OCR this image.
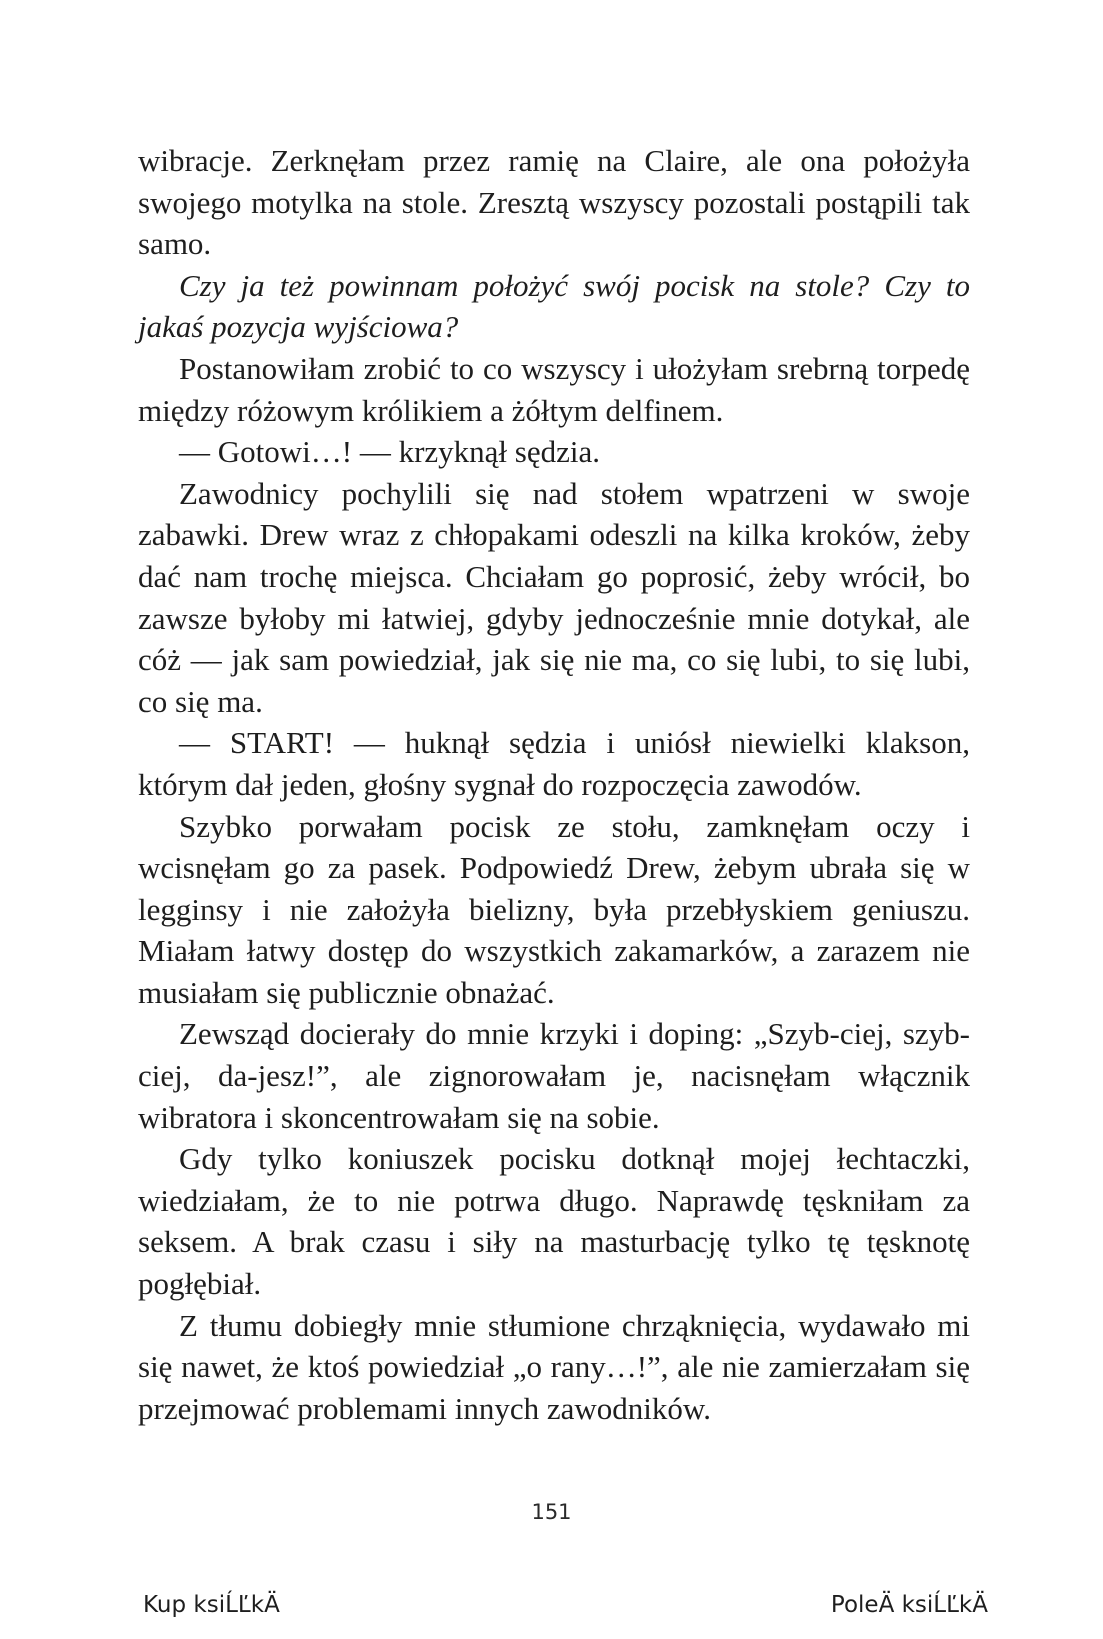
wibracje. Zerknęłam przez ramię na Claire, ale ona położyła swojego motylka na stole. Zresztą wszyscy pozostali postąpili tak samo.

Czy ja też powinnam położyć swój pocisk na stole? Czy to jakaś pozycja wyjściowa?

Postanowiłam zrobić to co wszyscy i ułożyłam srebrną torpedę między różowym królikiem a żółtym delfinem.

— Gotowi…! — krzyknął sędzia.

Zawodnicy pochylili się nad stołem wpatrzeni w swoje zabawki. Drew wraz z chłopakami odeszli na kilka kroków, żeby dać nam trochę miejsca. Chciałam go poprosić, żeby wrócił, bo zawsze byłoby mi łatwiej, gdyby jednocześnie mnie dotykał, ale cóż — jak sam powiedział, jak się nie ma, co się lubi, to się lubi, co się ma.

— START! — huknął sędzia i uniósł niewielki klakson, którym dał jeden, głośny sygnał do rozpoczęcia zawodów.

Szybko porwałam pocisk ze stołu, zamknęłam oczy i wcisnęłam go za pasek. Podpowiedź Drew, żebym ubrała się w legginsy i nie założyła bielizny, była przebłyskiem geniuszu. Miałam łatwy dostęp do wszystkich zakamarków, a zarazem nie musiałam się publicznie obnażać.

Zewsząd docierały do mnie krzyki i doping: „Szyb-ciej, szyb-ciej, da-jesz!”, ale zignorowałam je, nacisnęłam włącznik wibratora i skoncentrowałam się na sobie.

Gdy tylko koniuszek pocisku dotknął mojej łechtaczki, wiedziałam, że to nie potrwa długo. Naprawdę tęskniłam za seksem. A brak czasu i siły na masturbację tylko tę tęsknotę pogłębiał.

Z tłumu dobiegły mnie stłumione chrząknięcia, wydawało mi się nawet, że ktoś powiedział „o rany…!”, ale nie zamierzałam się przejmować problemami innych zawodników.

151
Kup ksiĹĽkÄ	PoleÄ ksiĹĽkÄ
